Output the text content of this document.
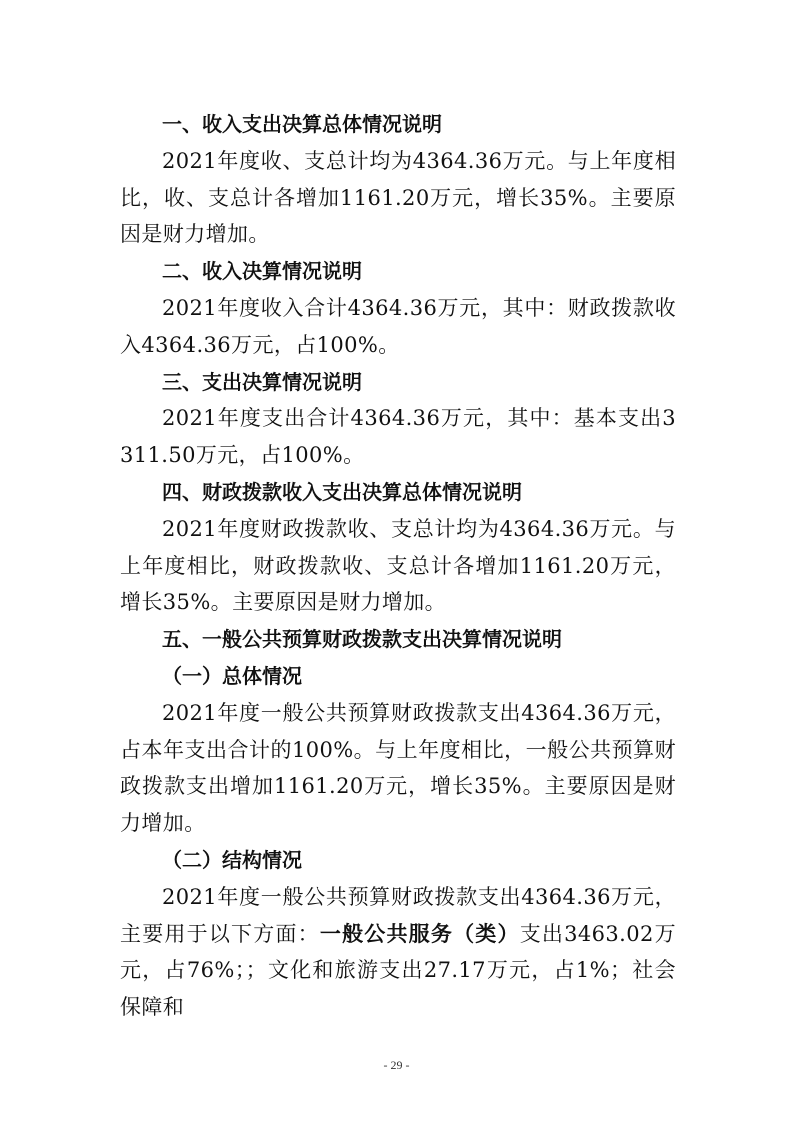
一、收入支出决算总体情况说明

2021年度收、支总计均为4364.36万元。与上年度相比，收、支总计各增加1161.20万元，增长35%。主要原因是财力增加。

二、收入决算情况说明

2021年度收入合计4364.36万元，其中：财政拨款收入4364.36万元，占100%。

三、支出决算情况说明

2021年度支出合计4364.36万元，其中：基本支出3311.50万元，占100%。

四、财政拨款收入支出决算总体情况说明

2021年度财政拨款收、支总计均为4364.36万元。与上年度相比，财政拨款收、支总计各增加1161.20万元，增长35%。主要原因是财力增加。

五、一般公共预算财政拨款支出决算情况说明
（一）总体情况

2021年度一般公共预算财政拨款支出4364.36万元，占本年支出合计的100%。与上年度相比，一般公共预算财政拨款支出增加1161.20万元，增长35%。主要原因是财力增加。

（二）结构情况

2021年度一般公共预算财政拨款支出4364.36万元，主要用于以下方面：一般公共服务（类）支出3463.02万元，占76%；；文化和旅游支出27.17万元，占1%；社会保障和

- 29 -
